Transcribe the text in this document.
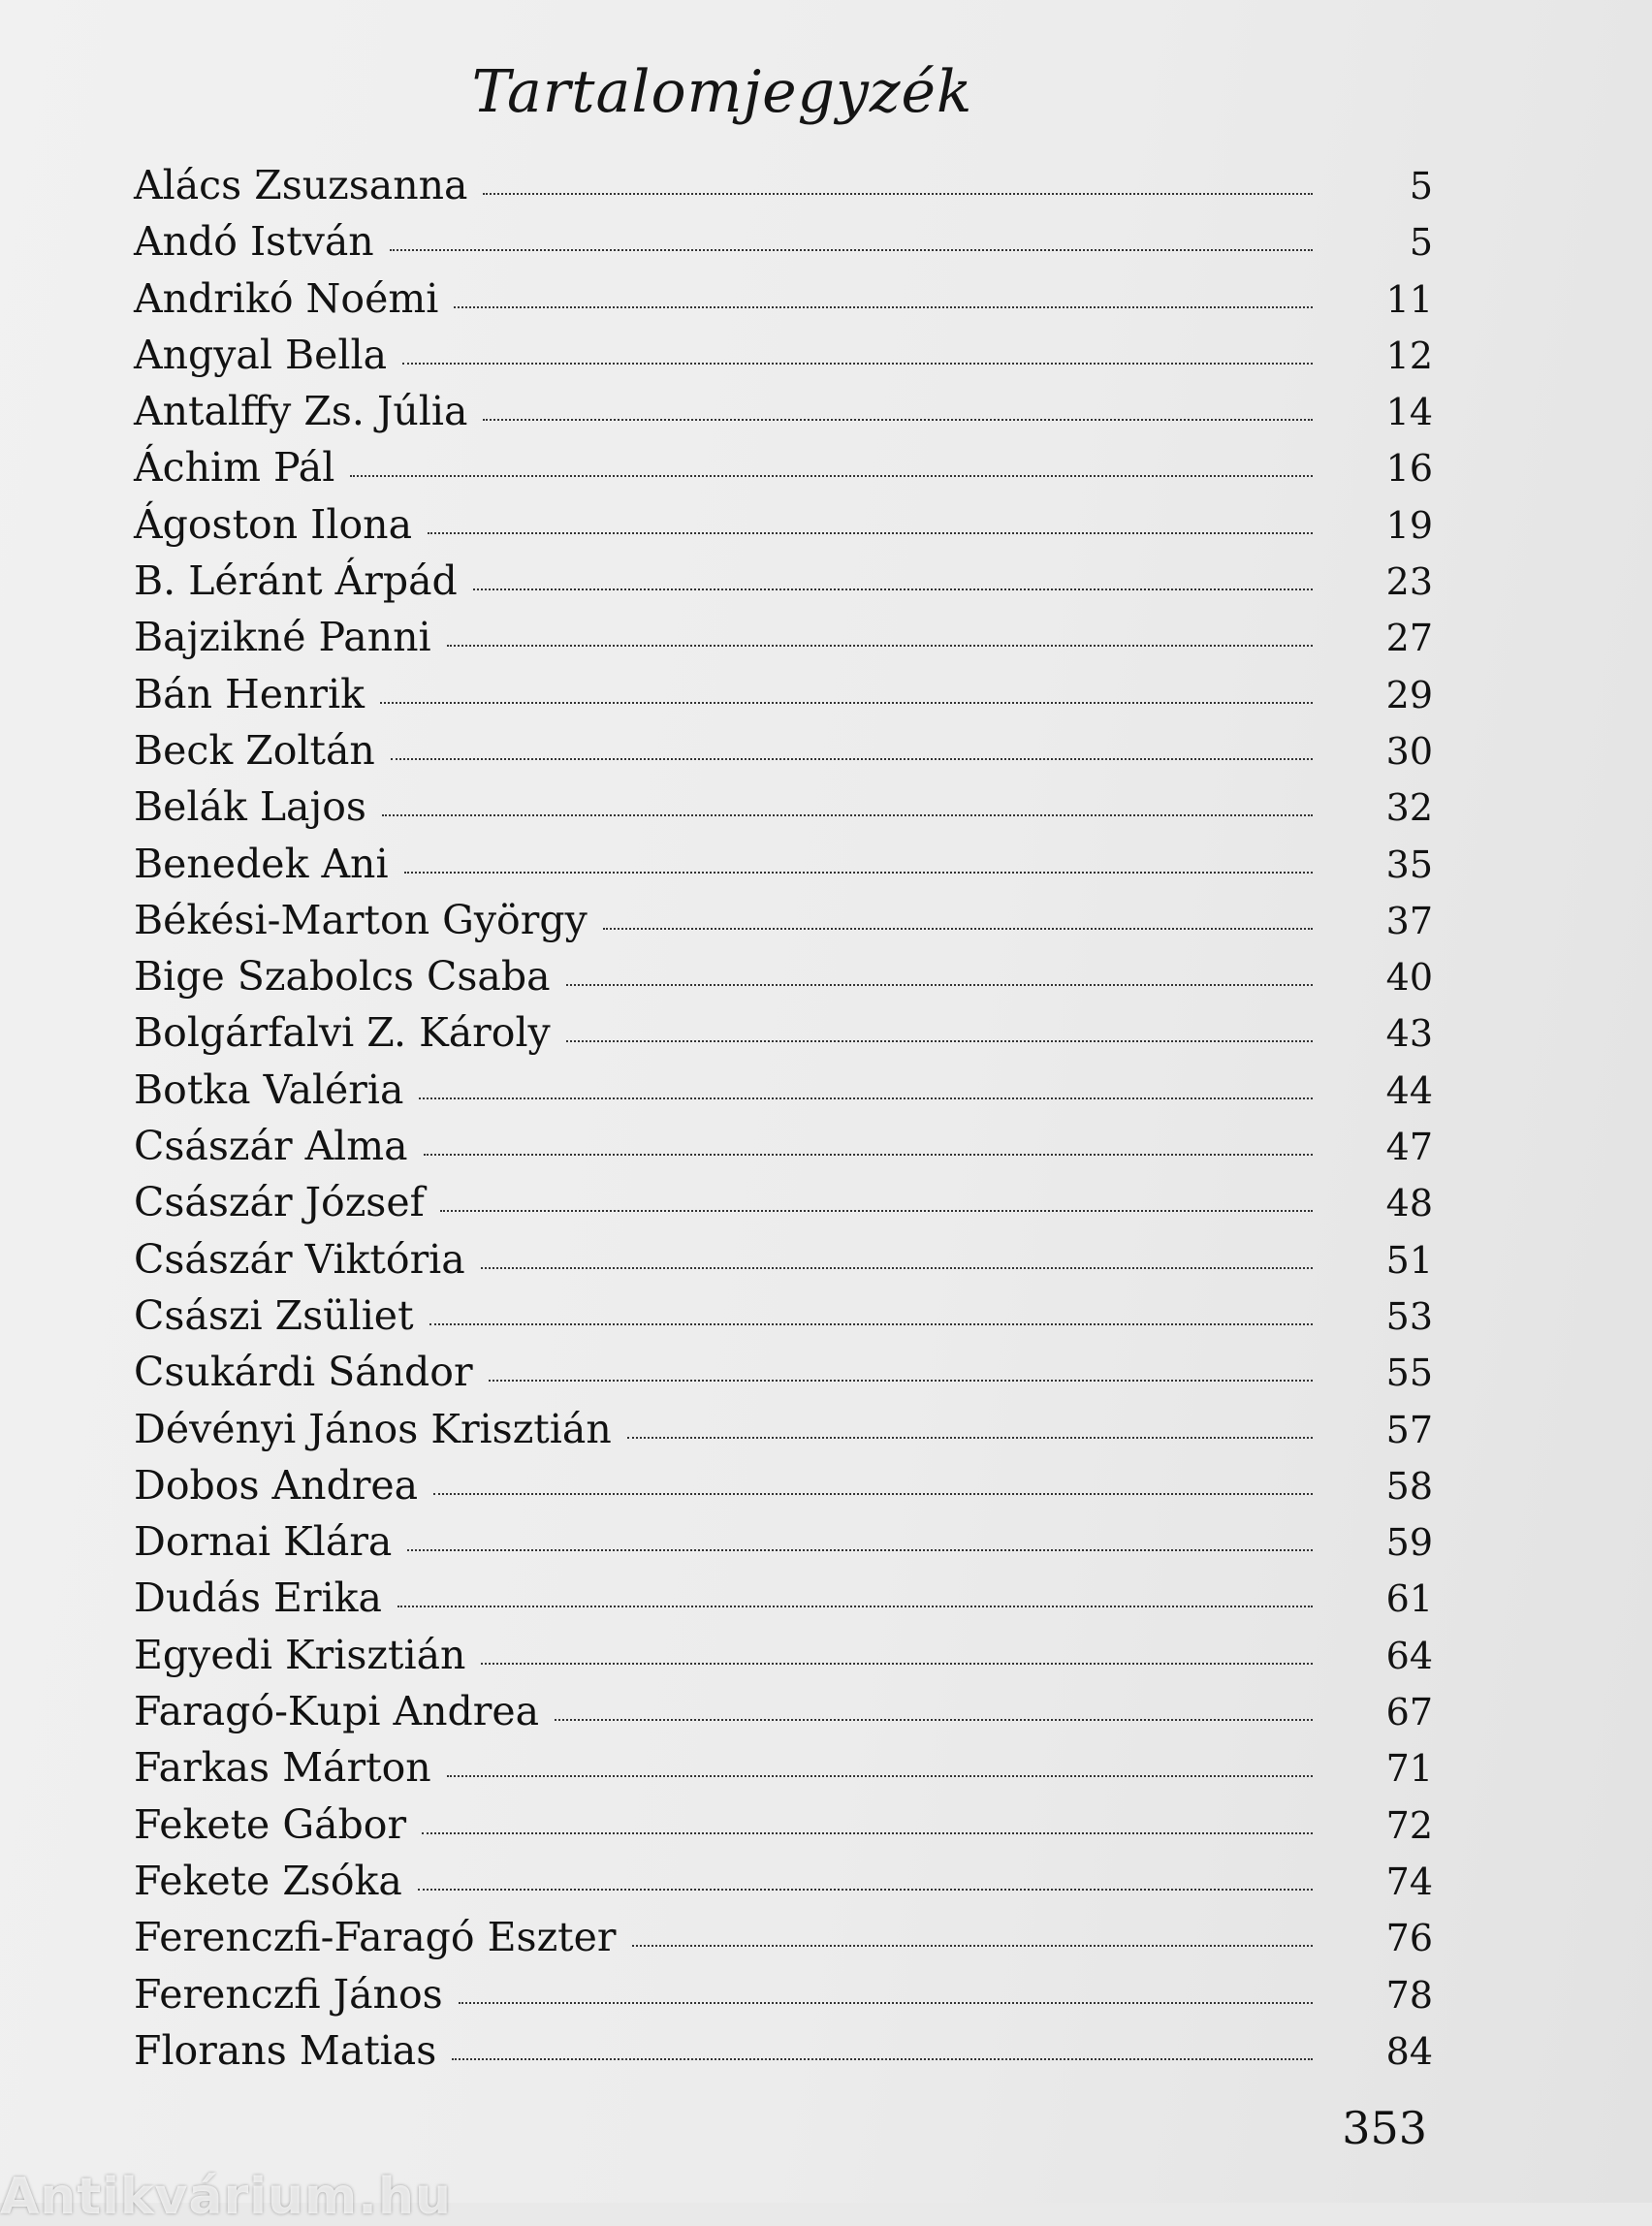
Tartalomjegyzék
Alács Zsuzsanna	5
Andó István	5
Andrikó Noémi	11
Angyal Bella	12
Antalffy Zs. Júlia	14
Áchim Pál	16
Ágoston Ilona	19
B. Léránt Árpád	23
Bajzikné Panni	27
Bán Henrik	29
Beck Zoltán	30
Belák Lajos	32
Benedek Ani	35
Békési-Marton György	37
Bige Szabolcs Csaba	40
Bolgárfalvi Z. Károly	43
Botka Valéria	44
Császár Alma	47
Császár József	48
Császár Viktória	51
Császi Zsüliet	53
Csukárdi Sándor	55
Dévényi János Krisztián	57
Dobos Andrea	58
Dornai Klára	59
Dudás Erika	61
Egyedi Krisztián	64
Faragó-Kupi Andrea	67
Farkas Márton	71
Fekete Gábor	72
Fekete Zsóka	74
Ferenczfi-Faragó Eszter	76
Ferenczfi János	78
Florans Matias	84
353
Antikvárium.hu
